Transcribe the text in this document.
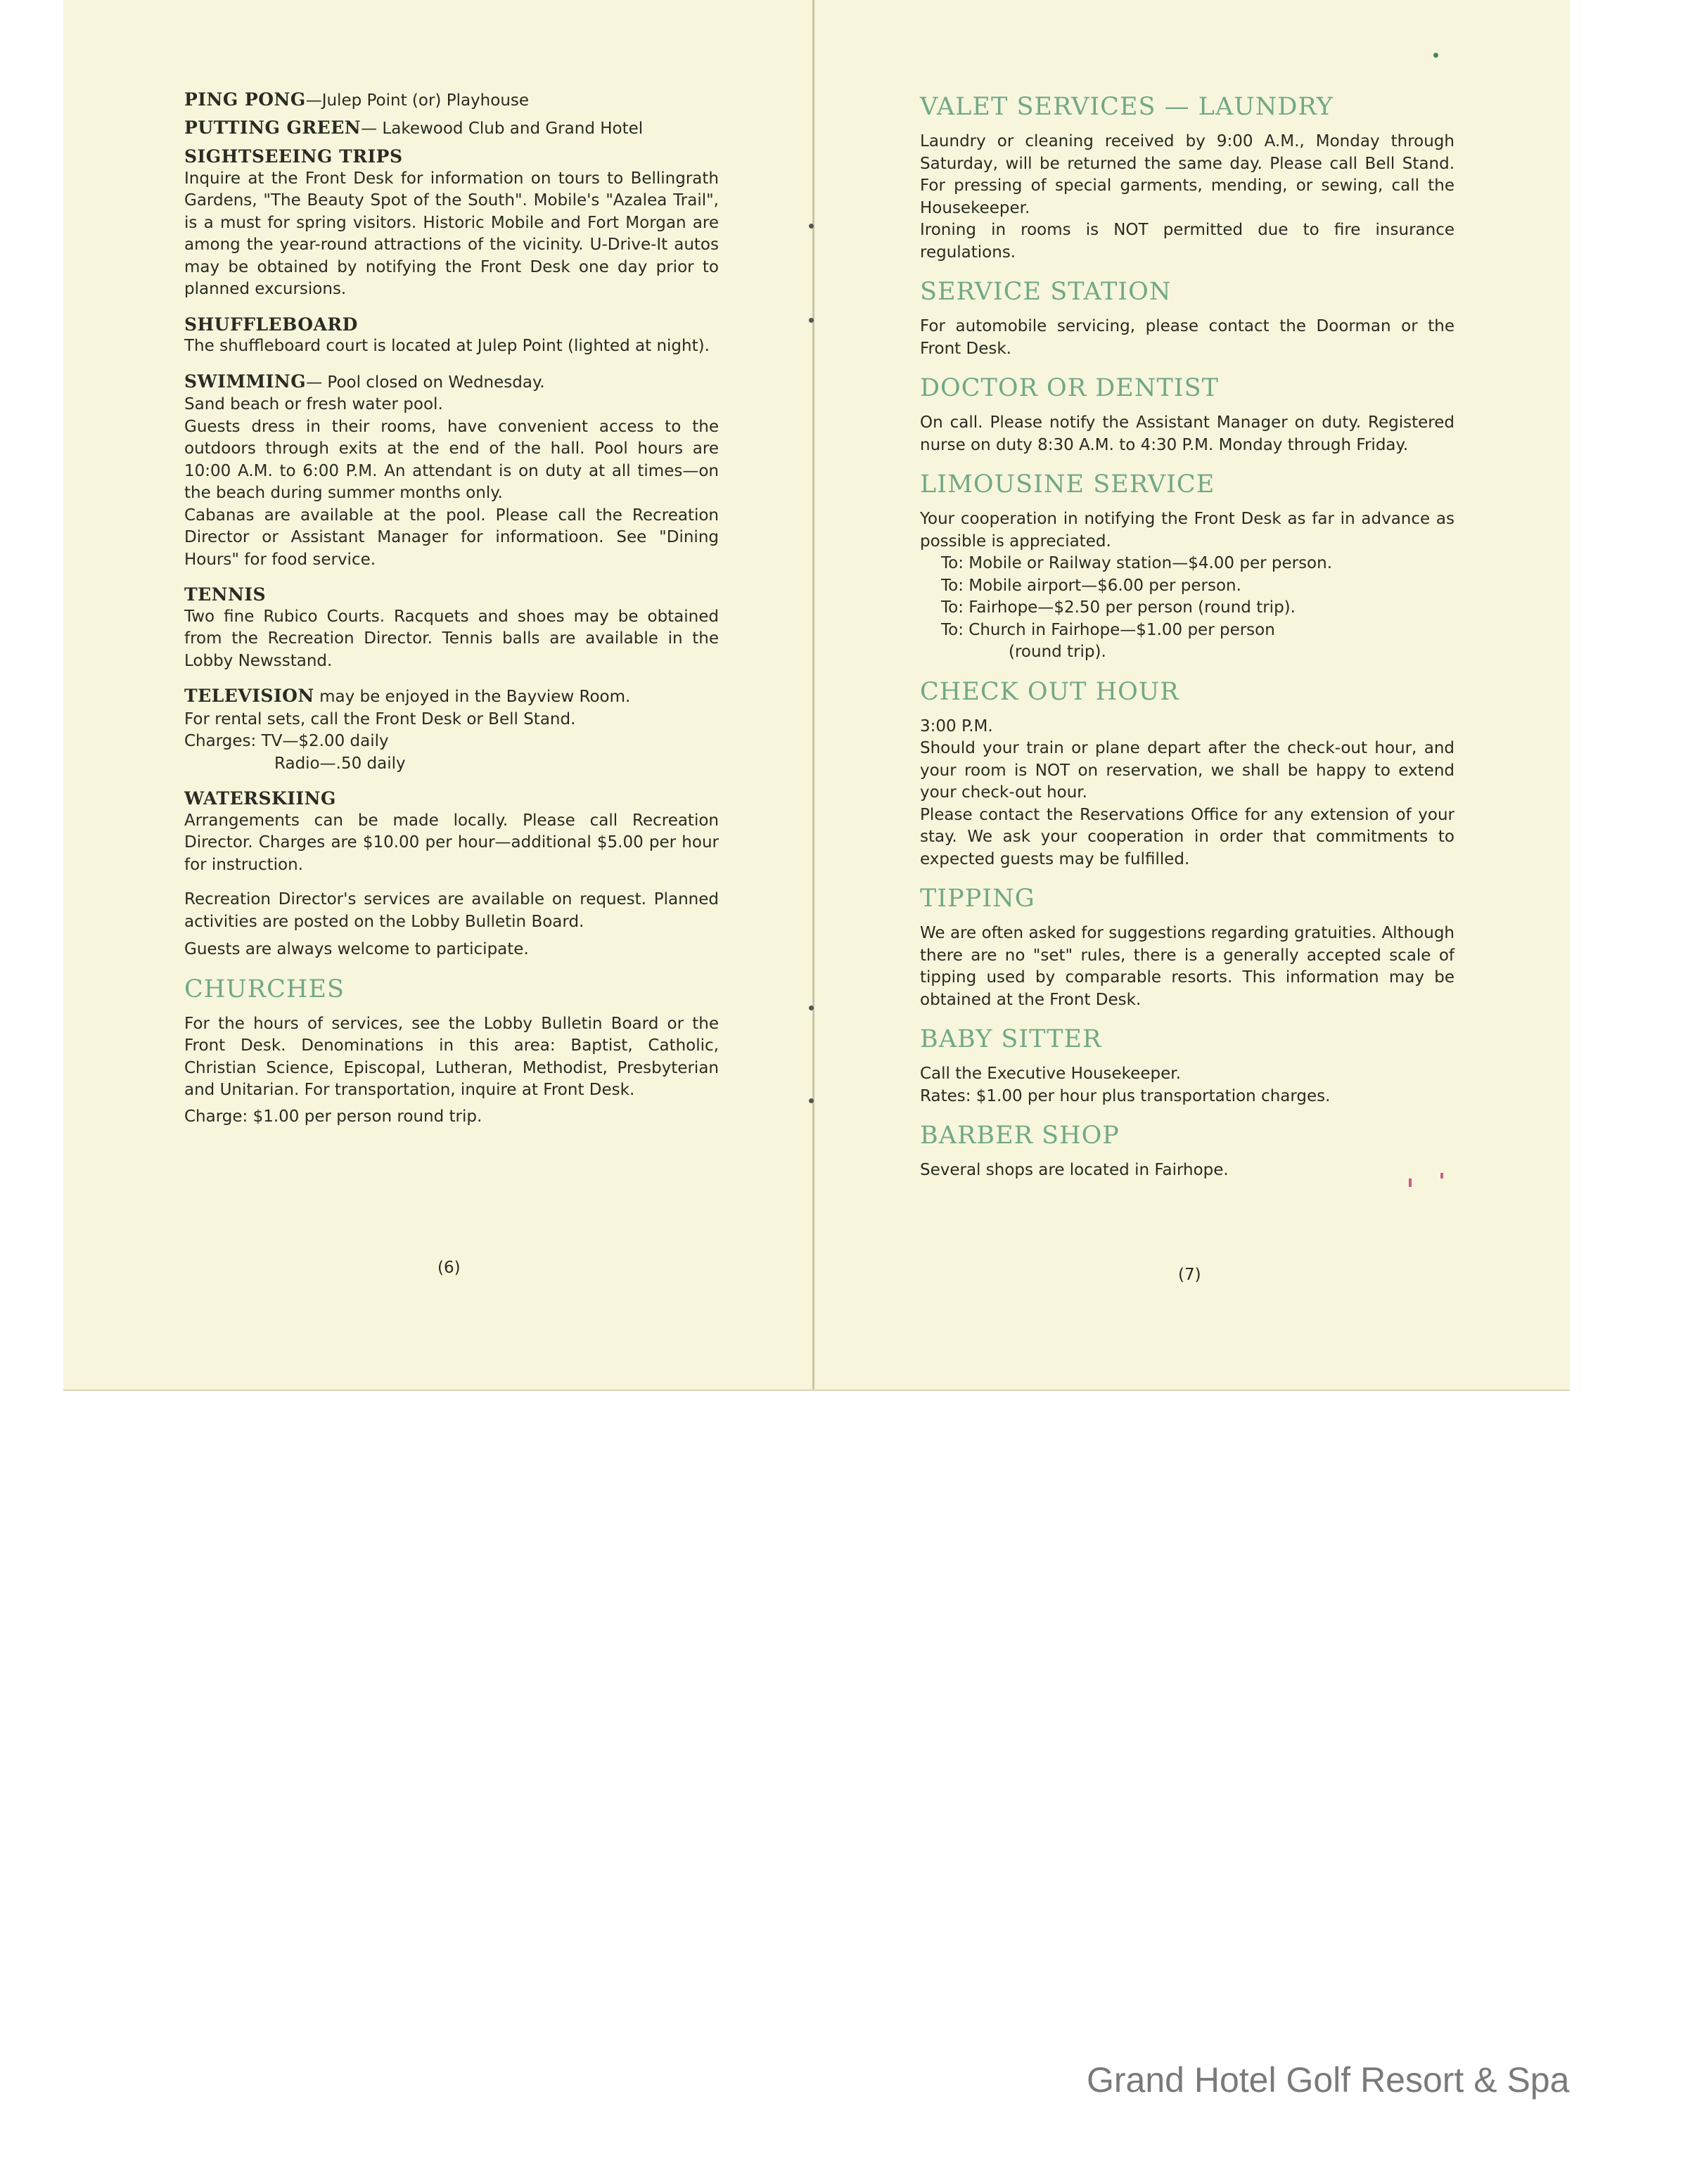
PING PONG—Julep Point (or) Playhouse
PUTTING GREEN— Lakewood Club and Grand Hotel
SIGHTSEEING TRIPS

Inquire at the Front Desk for information on tours to Bellingrath Gardens, "The Beauty Spot of the South". Mobile's "Azalea Trail", is a must for spring visitors. Historic Mobile and Fort Morgan are among the year-round attractions of the vicinity. U-Drive-It autos may be obtained by notifying the Front Desk one day prior to planned excursions.

SHUFFLEBOARD

The shuffleboard court is located at Julep Point (lighted at night).

SWIMMING— Pool closed on Wednesday.
Sand beach or fresh water pool.

Guests dress in their rooms, have convenient access to the outdoors through exits at the end of the hall. Pool hours are 10:00 A.M. to 6:00 P.M. An attendant is on duty at all times—on the beach during summer months only.

Cabanas are available at the pool. Please call the Recreation Director or Assistant Manager for informatioon. See "Dining Hours" for food service.

TENNIS

Two fine Rubico Courts. Racquets and shoes may be obtained from the Recreation Director. Tennis balls are available in the Lobby Newsstand.

TELEVISION may be enjoyed in the Bayview Room.
For rental sets, call the Front Desk or Bell Stand.
Charges: TV—$2.00 daily
Radio—.50 daily
WATERSKIING

Arrangements can be made locally. Please call Recreation Director. Charges are $10.00 per hour—additional $5.00 per hour for instruction.

Recreation Director's services are available on request. Planned activities are posted on the Lobby Bulletin Board.

Guests are always welcome to participate.

CHURCHES

For the hours of services, see the Lobby Bulletin Board or the Front Desk. Denominations in this area: Baptist, Catholic, Christian Science, Episcopal, Lutheran, Methodist, Presbyterian and Unitarian. For transportation, inquire at Front Desk.

Charge: $1.00 per person round trip.
(6)
VALET SERVICES — LAUNDRY

Laundry or cleaning received by 9:00 A.M., Monday through Saturday, will be returned the same day. Please call Bell Stand. For pressing of special garments, mending, or sewing, call the Housekeeper.

Ironing in rooms is NOT permitted due to fire insurance regulations.

SERVICE STATION

For automobile servicing, please contact the Doorman or the Front Desk.

DOCTOR OR DENTIST

On call. Please notify the Assistant Manager on duty. Registered nurse on duty 8:30 A.M. to 4:30 P.M. Monday through Friday.

LIMOUSINE SERVICE

Your cooperation in notifying the Front Desk as far in advance as possible is appreciated.

To: Mobile or Railway station—$4.00 per person.
To: Mobile airport—$6.00 per person.
To: Fairhope—$2.50 per person (round trip).
To: Church in Fairhope—$1.00 per person
(round trip).
CHECK OUT HOUR
3:00 P.M.

Should your train or plane depart after the check-out hour, and your room is NOT on reservation, we shall be happy to extend your check-out hour.

Please contact the Reservations Office for any extension of your stay. We ask your cooperation in order that commitments to expected guests may be fulfilled.

TIPPING

We are often asked for suggestions regarding gratuities. Although there are no "set" rules, there is a generally accepted scale of tipping used by comparable resorts. This information may be obtained at the Front Desk.

BABY SITTER
Call the Executive Housekeeper.
Rates: $1.00 per hour plus transportation charges.
BARBER SHOP
Several shops are located in Fairhope.
(7)
Grand Hotel Golf Resort & Spa
